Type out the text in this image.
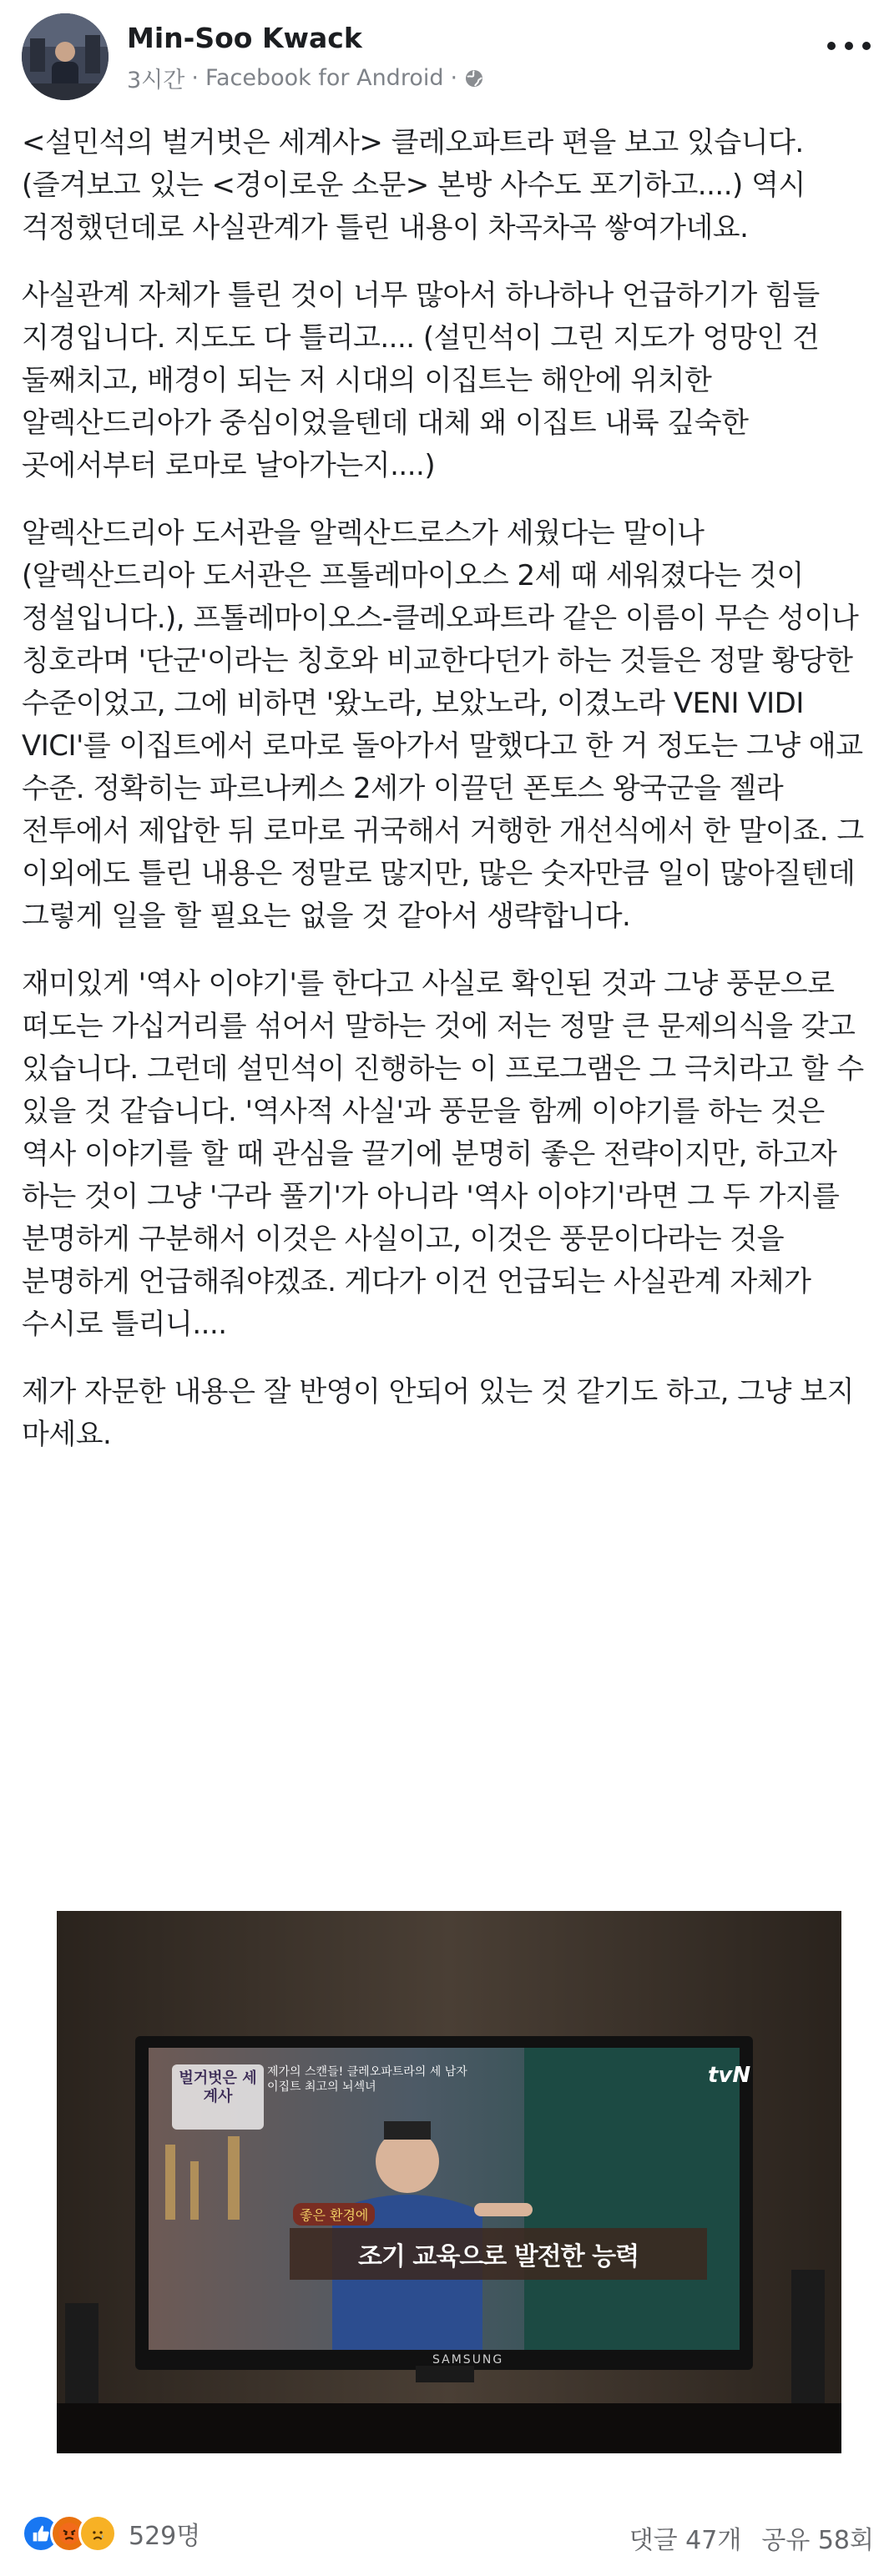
Min-Soo Kwack
3시간 · Facebook for Android ·

<설민석의 벌거벗은 세계사> 클레오파트라 편을 보고 있습니다. (즐겨보고 있는 <경이로운 소문> 본방 사수도 포기하고....) 역시 걱정했던데로 사실관계가 틀린 내용이 차곡차곡 쌓여가네요.

사실관계 자체가 틀린 것이 너무 많아서 하나하나 언급하기가 힘들 지경입니다. 지도도 다 틀리고.... (설민석이 그린 지도가 엉망인 건 둘째치고, 배경이 되는 저 시대의 이집트는 해안에 위치한 알렉산드리아가 중심이었을텐데 대체 왜 이집트 내륙 깊숙한 곳에서부터 로마로 날아가는지....)

알렉산드리아 도서관을 알렉산드로스가 세웠다는 말이나 (알렉산드리아 도서관은 프톨레마이오스 2세 때 세워졌다는 것이 정설입니다.), 프톨레마이오스-클레오파트라 같은 이름이 무슨 성이나 칭호라며 '단군'이라는 칭호와 비교한다던가 하는 것들은 정말 황당한 수준이었고, 그에 비하면 '왔노라, 보았노라, 이겼노라 VENI VIDI VICI'를 이집트에서 로마로 돌아가서 말했다고 한 거 정도는 그냥 애교 수준. 정확히는 파르나케스 2세가 이끌던 폰토스 왕국군을 젤라 전투에서 제압한 뒤 로마로 귀국해서 거행한 개선식에서 한 말이죠. 그 이외에도 틀린 내용은 정말로 많지만, 많은 숫자만큼 일이 많아질텐데 그렇게 일을 할 필요는 없을 것 같아서 생략합니다.

재미있게 '역사 이야기'를 한다고 사실로 확인된 것과 그냥 풍문으로 떠도는 가십거리를 섞어서 말하는 것에 저는 정말 큰 문제의식을 갖고 있습니다. 그런데 설민석이 진행하는 이 프로그램은 그 극치라고 할 수 있을 것 같습니다. '역사적 사실'과 풍문을 함께 이야기를 하는 것은 역사 이야기를 할 때 관심을 끌기에 분명히 좋은 전략이지만, 하고자 하는 것이 그냥 '구라 풀기'가 아니라 '역사 이야기'라면 그 두 가지를 분명하게 구분해서 이것은 사실이고, 이것은 풍문이다라는 것을 분명하게 언급해줘야겠죠. 게다가 이건 언급되는 사실관계 자체가 수시로 틀리니....

제가 자문한 내용은 잘 반영이 안되어 있는 것 같기도 하고, 그냥 보지 마세요.

벌거벗은 세계사
제가의 스캔들! 클레오파트라의 세 남자
이집트 최고의 뇌섹녀	tvN
좋은 환경에
조기 교육으로 발전한 능력
SAMSUNG
529명	댓글 47개 공유 58회
